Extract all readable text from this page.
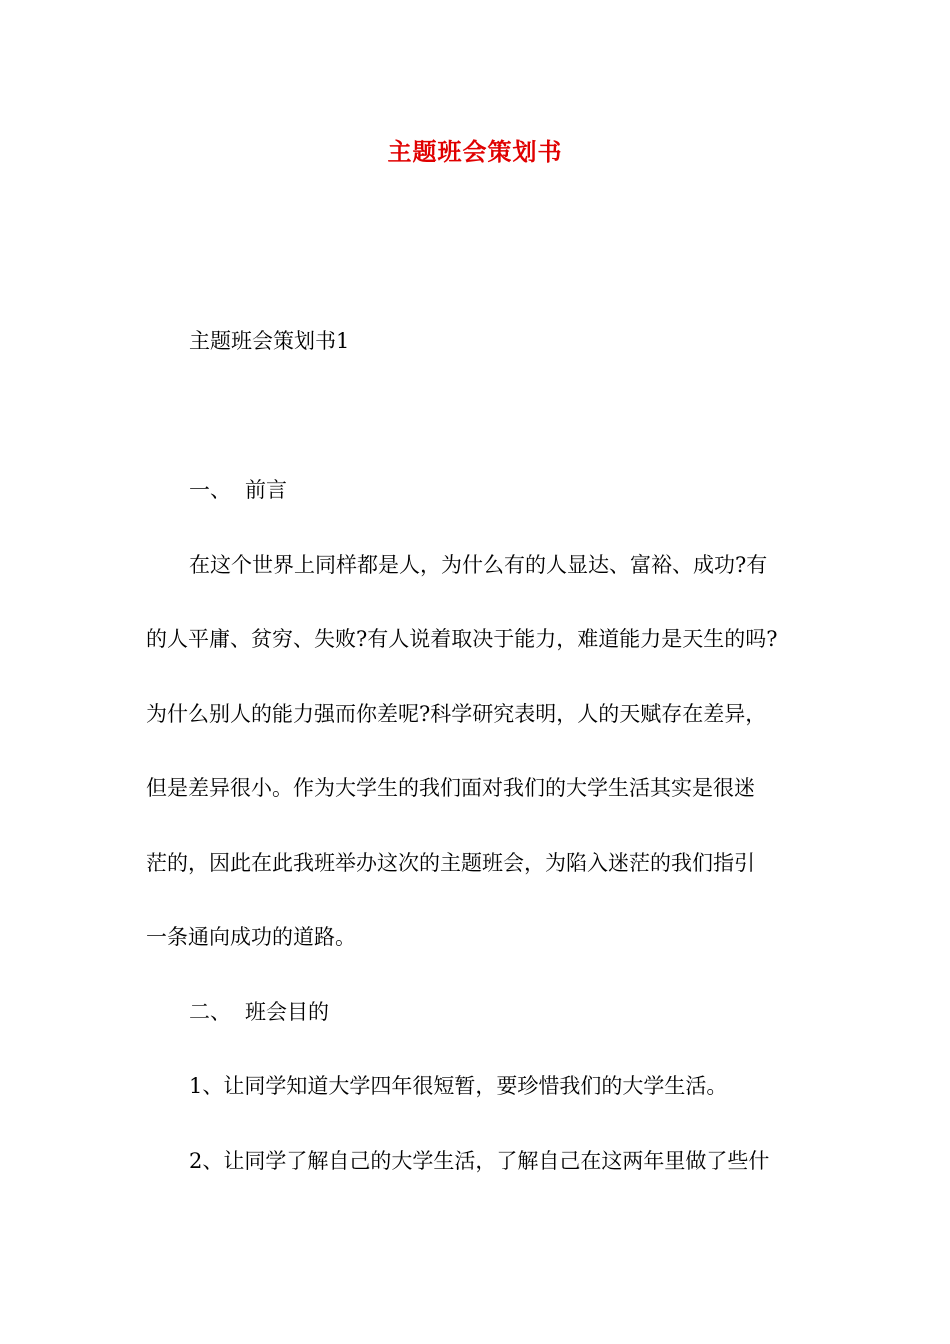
主题班会策划书

主题班会策划书1

一、 前言

在这个世界上同样都是人，为什么有的人显达、富裕、成功?有

的人平庸、贫穷、失败?有人说着取决于能力，难道能力是天生的吗?

为什么别人的能力强而你差呢?科学研究表明，人的天赋存在差异，

但是差异很小。作为大学生的我们面对我们的大学生活其实是很迷

茫的，因此在此我班举办这次的主题班会，为陷入迷茫的我们指引

一条通向成功的道路。

二、 班会目的

1、让同学知道大学四年很短暂，要珍惜我们的大学生活。

2、让同学了解自己的大学生活，了解自己在这两年里做了些什
